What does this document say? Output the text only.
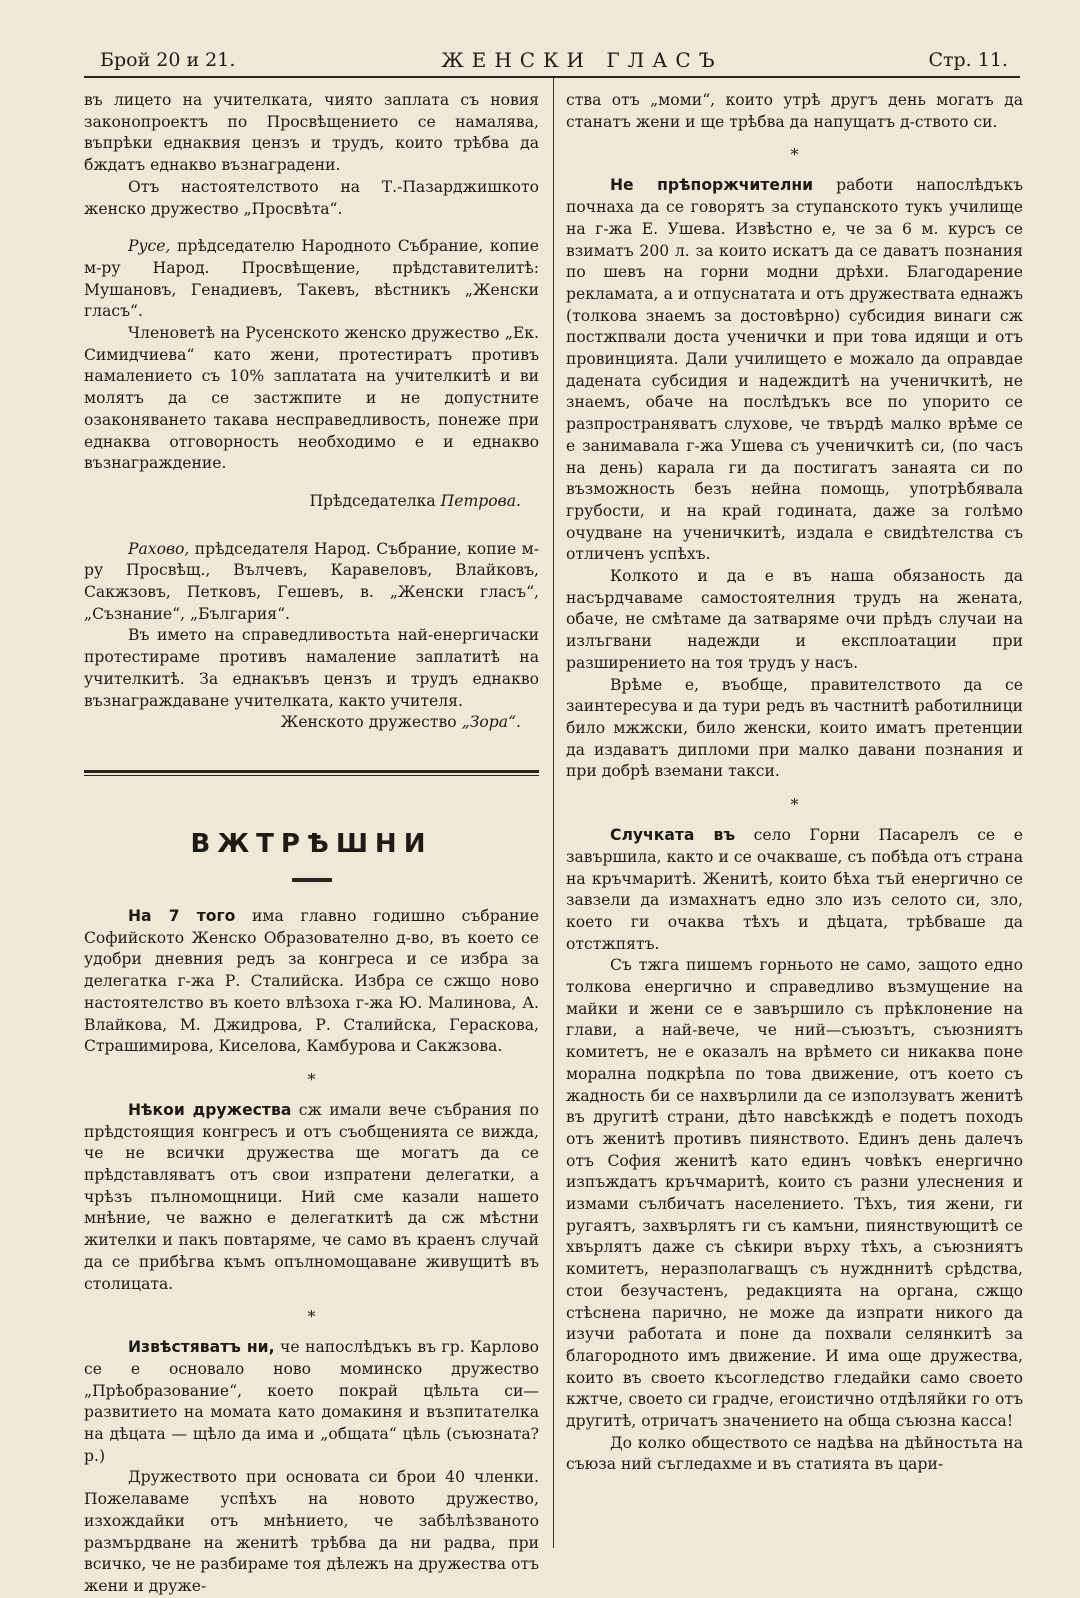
Брой 20 и 21.	ЖЕНСКИ ГЛАСЪ	Стр. 11.

въ лицето на учителката, чиято заплата съ новия законопроектъ по Просвѣщението се намалява, въпрѣки еднаквия цензъ и трудъ, които трѣбва да бждатъ еднакво възнаградени.

Отъ настоятелството на Т.-Пазарджишкото женско дружество „Просвѣта“.

Русе, прѣдседателю Народното Събрание, копие м-ру Народ. Просвѣщение, прѣдставителитѣ: Мушановъ, Генадиевъ, Такевъ, вѣстникъ „Женски гласъ“.

Членоветѣ на Русенското женско дружество „Ек. Симидчиева“ като жени, протестиратъ противъ намалението съ 10% заплатата на учителкитѣ и ви молятъ да се застжпите и не допустните озаконяването такава несправедливость, понеже при еднаква отговорность необходимо е и еднакво възнаграждение.

Прѣдседателка Петрова.

Рахово, прѣдседателя Народ. Събрание, копие м-ру Просвѣщ., Вълчевъ, Каравеловъ, Влайковъ, Сакжзовъ, Петковъ, Гешевъ, в. „Женски гласъ“, „Съзнание“, „България“.

Въ името на справедливостьта най-енергичаски протестираме противъ намаление заплатитѣ на учителкитѣ. За еднакъвъ цензъ и трудъ еднакво възнаграждаване учителката, както учителя.

Женското дружество „Зора“.

ВЖТРѢШНИ

На 7 того има главно годишно събрание Софийското Женско Образователно д-во, въ което се удобри дневния редъ за конгреса и се избра за делегатка г-жа Р. Сталийска. Избра се сжщо ново настоятелство въ което влѣзоха г-жа Ю. Малинова, А. Влайкова, М. Джидрова, Р. Сталийска, Гераскова, Страшимирова, Киселова, Камбурова и Сакжзова.

*

Нѣкои дружества сж имали вече събрания по прѣдстоящия конгресъ и отъ съобщенията се вижда, че не всички дружества ще могатъ да се прѣдставляватъ отъ свои изпратени делегатки, а чрѣзъ пълномощници. Ний сме казали нашето мнѣние, че важно е делегаткитѣ да сж мѣстни жителки и пакъ повтаряме, че само въ краенъ случай да се прибѣгва къмъ опълномощаване живущитѣ въ столицата.

*

Извѣстяватъ ни, че напослѣдъкъ въ гр. Карлово се е основало ново моминско дружество „Прѣобразование“, което покрай цѣльта си—развитието на момата като домакиня и възпитателка на дѣцата — щѣло да има и „общата“ цѣль (съюзната? р.)

Дружеството при основата си брои 40 членки. Пожелаваме успѣхъ на новото дружество, изхождайки отъ мнѣнието, че забѣлѣзваното размърдване на женитѣ трѣбва да ни радва, при всичко, че не разбираме тоя дѣлежъ на дружества отъ жени и друже-

ства отъ „моми“, които утрѣ другъ день могатъ да станатъ жени и ще трѣбва да напущатъ д-ството си.

*

Не прѣпоржчителни работи напослѣдъкъ почнаха да се говорятъ за ступанското тукъ училище на г-жа Е. Ушева. Извѣстно е, че за 6 м. курсъ се взиматъ 200 л. за които искатъ да се даватъ познания по шевъ на горни модни дрѣхи. Благодарение рекламата, а и отпуснатата и отъ дружествата еднажъ (толкова знаемъ за достовѣрно) субсидия винаги сж постжпвали доста ученички и при това идящи и отъ провинцията. Дали училището е можало да оправдае дадената субсидия и надеждитѣ на ученичкитѣ, не знаемъ, обаче на послѣдъкъ все по упорито се разпространяватъ слухове, че твърдѣ малко врѣме се е занимавала г-жа Ушева съ ученичкитѣ си, (по часъ на день) карала ги да постигатъ занаята си по възможность безъ нейна помощь, употрѣбявала грубости, и на край годината, даже за голѣмо очудване на ученичкитѣ, издала е свидѣтелства съ отличенъ успѣхъ.

Колкото и да е въ наша обязаность да насърдчаваме самостоятелния трудъ на жената, обаче, не смѣтаме да затваряме очи прѣдъ случаи на излъгвани надежди и експлоатации при разширението на тоя трудъ у насъ.

Врѣме е, въобще, правителството да се заинтересува и да тури редъ въ частнитѣ работилници било мжжски, било женски, които иматъ претенции да издаватъ дипломи при малко давани познания и при добрѣ вземани такси.

*

Случката въ село Горни Пасарелъ се е завършила, както и се очакваше, съ побѣда отъ страна на кръчмаритѣ. Женитѣ, които бѣха тъй енергично се завзели да измахнатъ едно зло изъ селото си, зло, което ги очаква тѣхъ и дѣцата, трѣбваше да отстжпятъ.

Съ тжга пишемъ горньото не само, защото едно толкова енергично и справедливо възмущение на майки и жени се е завършило съ прѣклонение на глави, а най-вече, че ний—съюзътъ, съюзниятъ комитетъ, не е оказалъ на врѣмето си никаква поне морална подкрѣпа по това движение, отъ което съ жадность би се нахвърлили да се използуватъ женитѣ въ другитѣ страни, дѣто навсѣкждѣ е подетъ походъ отъ женитѣ противъ пиянството. Единъ день далечъ отъ София женитѣ като единъ човѣкъ енергично изпъждатъ кръчмаритѣ, които съ разни улеснения и измами сълбичатъ населението. Тѣхъ, тия жени, ги ругаятъ, захвърлятъ ги съ камъни, пиянствующитѣ се хвърлятъ даже съ сѣкири върху тѣхъ, а съюзниятъ комитетъ, неразполагващъ съ нуждннитѣ срѣдства, стои безучастенъ, редакцията на органа, сжщо стѣснена парично, не може да изпрати никого да изучи работата и поне да похвали селянкитѣ за благородното имъ движение. И има още дружества, които въ своето късогледство гледайки само своето кжтче, своето си градче, егоистично отдѣляйки го отъ другитѣ, отричатъ значението на обща съюзна касса!

До колко обществото се надѣва на дѣйностьта на съюза ний съгледахме и въ статията въ цари-
